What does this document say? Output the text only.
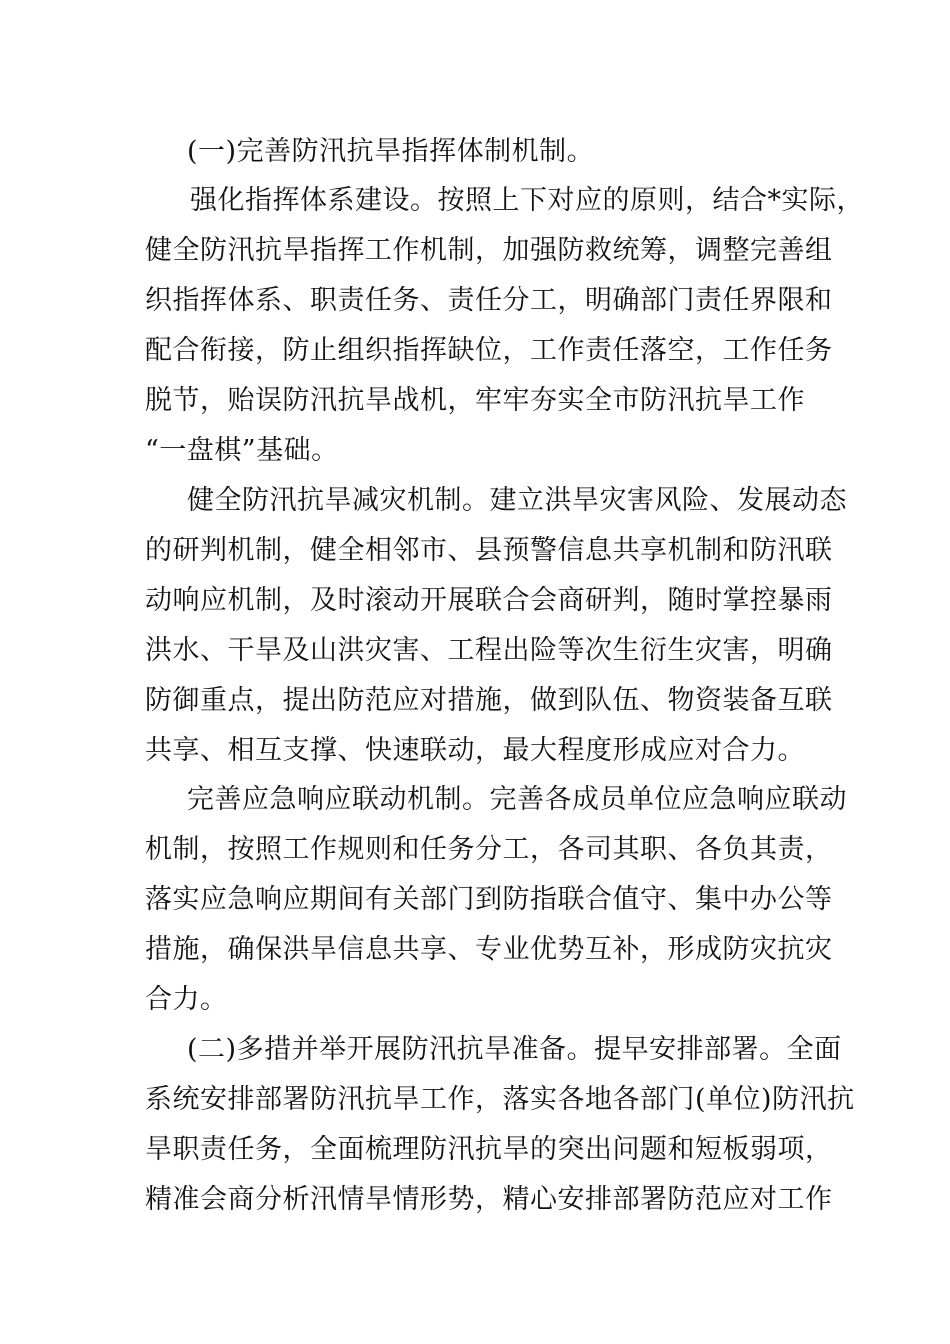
(一)完善防汛抗旱指挥体制机制。
强化指挥体系建设。按照上下对应的原则，结合*实际，
健全防汛抗旱指挥工作机制，加强防救统筹，调整完善组
织指挥体系、职责任务、责任分工，明确部门责任界限和
配合衔接，防止组织指挥缺位，工作责任落空，工作任务
脱节，贻误防汛抗旱战机，牢牢夯实全市防汛抗旱工作
“一盘棋”基础。
健全防汛抗旱减灾机制。建立洪旱灾害风险、发展动态
的研判机制，健全相邻市、县预警信息共享机制和防汛联
动响应机制，及时滚动开展联合会商研判，随时掌控暴雨
洪水、干旱及山洪灾害、工程出险等次生衍生灾害，明确
防御重点，提出防范应对措施，做到队伍、物资装备互联
共享、相互支撑、快速联动，最大程度形成应对合力。
完善应急响应联动机制。完善各成员单位应急响应联动
机制，按照工作规则和任务分工，各司其职、各负其责，
落实应急响应期间有关部门到防指联合值守、集中办公等
措施，确保洪旱信息共享、专业优势互补，形成防灾抗灾
合力。
(二)多措并举开展防汛抗旱准备。提早安排部署。全面
系统安排部署防汛抗旱工作，落实各地各部门(单位)防汛抗
旱职责任务，全面梳理防汛抗旱的突出问题和短板弱项，
精准会商分析汛情旱情形势，精心安排部署防范应对工作
